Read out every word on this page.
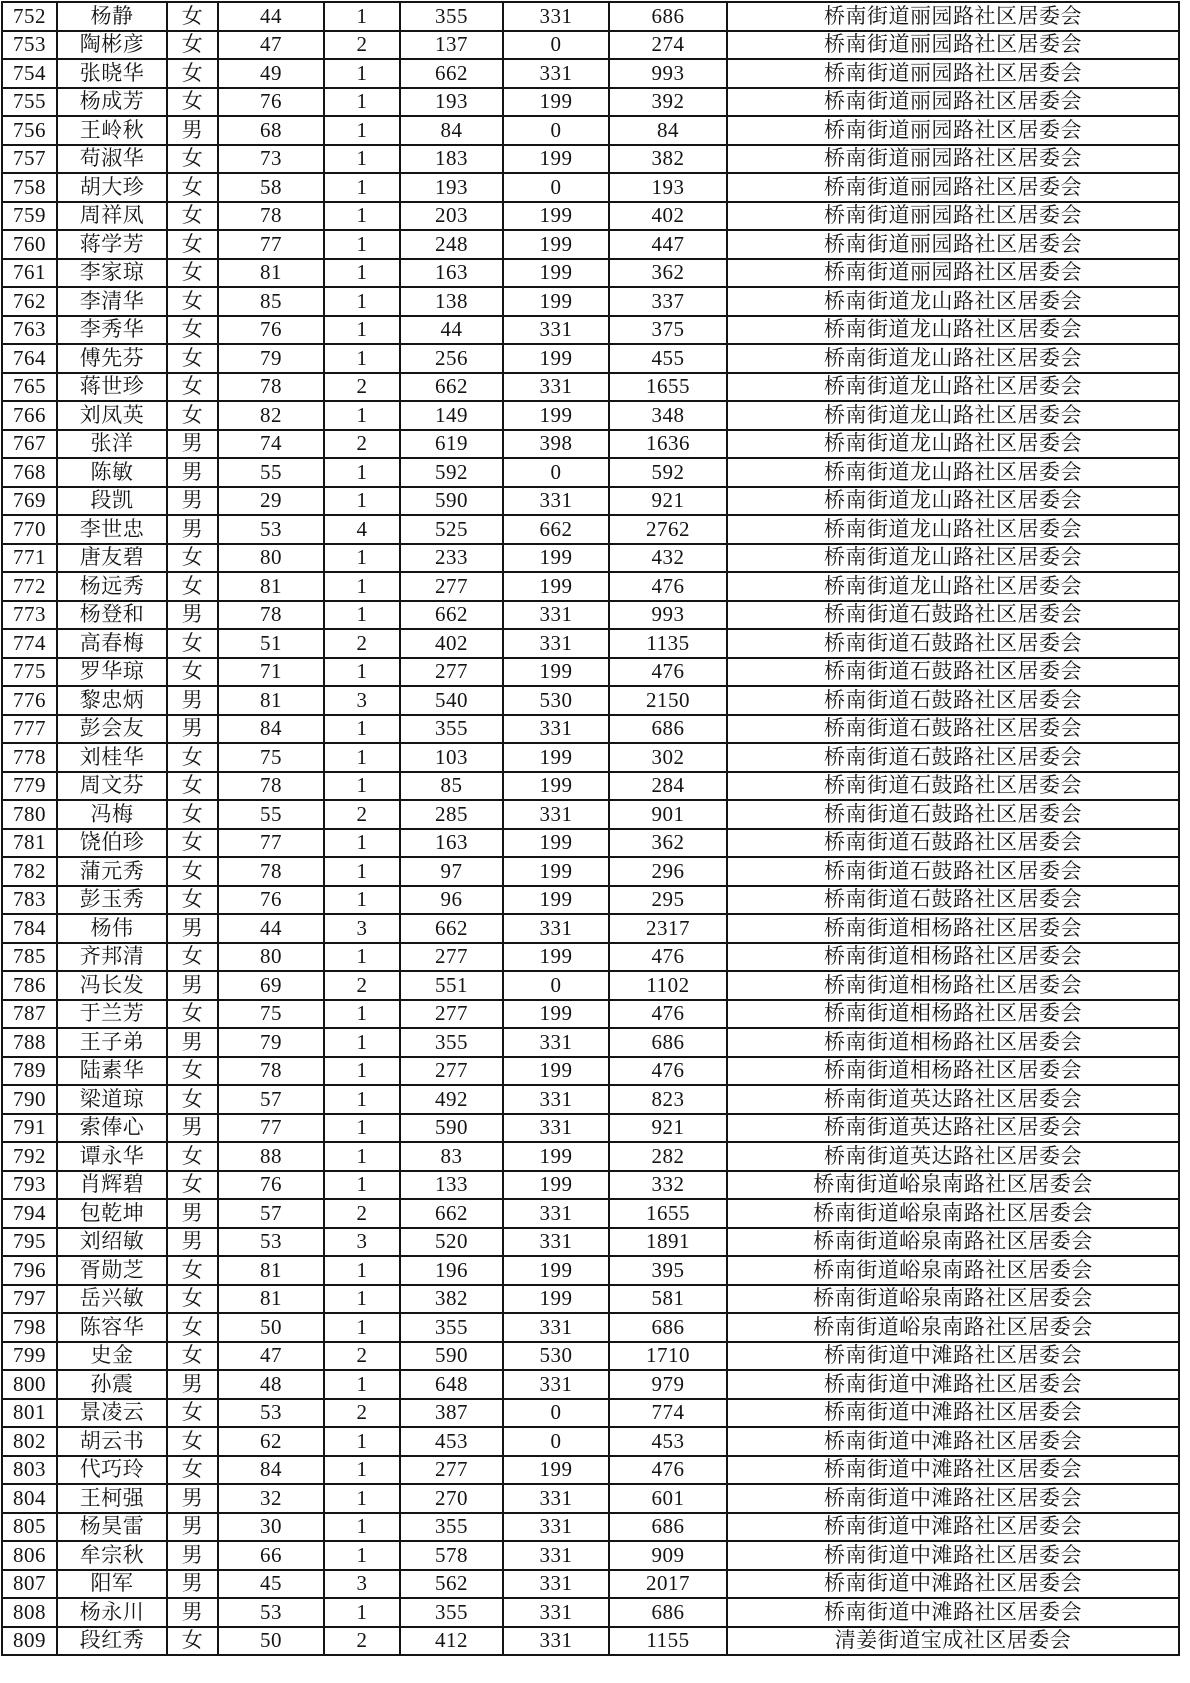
752	杨静	女	44	1	355	331	686	桥南街道丽园路社区居委会
753	陶彬彦	女	47	2	137	0	274	桥南街道丽园路社区居委会
754	张晓华	女	49	1	662	331	993	桥南街道丽园路社区居委会
755	杨成芳	女	76	1	193	199	392	桥南街道丽园路社区居委会
756	王岭秋	男	68	1	84	0	84	桥南街道丽园路社区居委会
757	苟淑华	女	73	1	183	199	382	桥南街道丽园路社区居委会
758	胡大珍	女	58	1	193	0	193	桥南街道丽园路社区居委会
759	周祥凤	女	78	1	203	199	402	桥南街道丽园路社区居委会
760	蒋学芳	女	77	1	248	199	447	桥南街道丽园路社区居委会
761	李家琼	女	81	1	163	199	362	桥南街道丽园路社区居委会
762	李清华	女	85	1	138	199	337	桥南街道龙山路社区居委会
763	李秀华	女	76	1	44	331	375	桥南街道龙山路社区居委会
764	傅先芬	女	79	1	256	199	455	桥南街道龙山路社区居委会
765	蒋世珍	女	78	2	662	331	1655	桥南街道龙山路社区居委会
766	刘凤英	女	82	1	149	199	348	桥南街道龙山路社区居委会
767	张洋	男	74	2	619	398	1636	桥南街道龙山路社区居委会
768	陈敏	男	55	1	592	0	592	桥南街道龙山路社区居委会
769	段凯	男	29	1	590	331	921	桥南街道龙山路社区居委会
770	李世忠	男	53	4	525	662	2762	桥南街道龙山路社区居委会
771	唐友碧	女	80	1	233	199	432	桥南街道龙山路社区居委会
772	杨远秀	女	81	1	277	199	476	桥南街道龙山路社区居委会
773	杨登和	男	78	1	662	331	993	桥南街道石鼓路社区居委会
774	高春梅	女	51	2	402	331	1135	桥南街道石鼓路社区居委会
775	罗华琼	女	71	1	277	199	476	桥南街道石鼓路社区居委会
776	黎忠炳	男	81	3	540	530	2150	桥南街道石鼓路社区居委会
777	彭会友	男	84	1	355	331	686	桥南街道石鼓路社区居委会
778	刘桂华	女	75	1	103	199	302	桥南街道石鼓路社区居委会
779	周文芬	女	78	1	85	199	284	桥南街道石鼓路社区居委会
780	冯梅	女	55	2	285	331	901	桥南街道石鼓路社区居委会
781	饶伯珍	女	77	1	163	199	362	桥南街道石鼓路社区居委会
782	蒲元秀	女	78	1	97	199	296	桥南街道石鼓路社区居委会
783	彭玉秀	女	76	1	96	199	295	桥南街道石鼓路社区居委会
784	杨伟	男	44	3	662	331	2317	桥南街道相杨路社区居委会
785	齐邦清	女	80	1	277	199	476	桥南街道相杨路社区居委会
786	冯长发	男	69	2	551	0	1102	桥南街道相杨路社区居委会
787	于兰芳	女	75	1	277	199	476	桥南街道相杨路社区居委会
788	王子弟	男	79	1	355	331	686	桥南街道相杨路社区居委会
789	陆素华	女	78	1	277	199	476	桥南街道相杨路社区居委会
790	梁道琼	女	57	1	492	331	823	桥南街道英达路社区居委会
791	索俸心	男	77	1	590	331	921	桥南街道英达路社区居委会
792	谭永华	女	88	1	83	199	282	桥南街道英达路社区居委会
793	肖辉碧	女	76	1	133	199	332	桥南街道峪泉南路社区居委会
794	包乾坤	男	57	2	662	331	1655	桥南街道峪泉南路社区居委会
795	刘绍敏	男	53	3	520	331	1891	桥南街道峪泉南路社区居委会
796	胥勋芝	女	81	1	196	199	395	桥南街道峪泉南路社区居委会
797	岳兴敏	女	81	1	382	199	581	桥南街道峪泉南路社区居委会
798	陈容华	女	50	1	355	331	686	桥南街道峪泉南路社区居委会
799	史金	女	47	2	590	530	1710	桥南街道中滩路社区居委会
800	孙震	男	48	1	648	331	979	桥南街道中滩路社区居委会
801	景凌云	女	53	2	387	0	774	桥南街道中滩路社区居委会
802	胡云书	女	62	1	453	0	453	桥南街道中滩路社区居委会
803	代巧玲	女	84	1	277	199	476	桥南街道中滩路社区居委会
804	王柯强	男	32	1	270	331	601	桥南街道中滩路社区居委会
805	杨昊雷	男	30	1	355	331	686	桥南街道中滩路社区居委会
806	牟宗秋	男	66	1	578	331	909	桥南街道中滩路社区居委会
807	阳军	男	45	3	562	331	2017	桥南街道中滩路社区居委会
808	杨永川	男	53	1	355	331	686	桥南街道中滩路社区居委会
809	段红秀	女	50	2	412	331	1155	清姜街道宝成社区居委会
